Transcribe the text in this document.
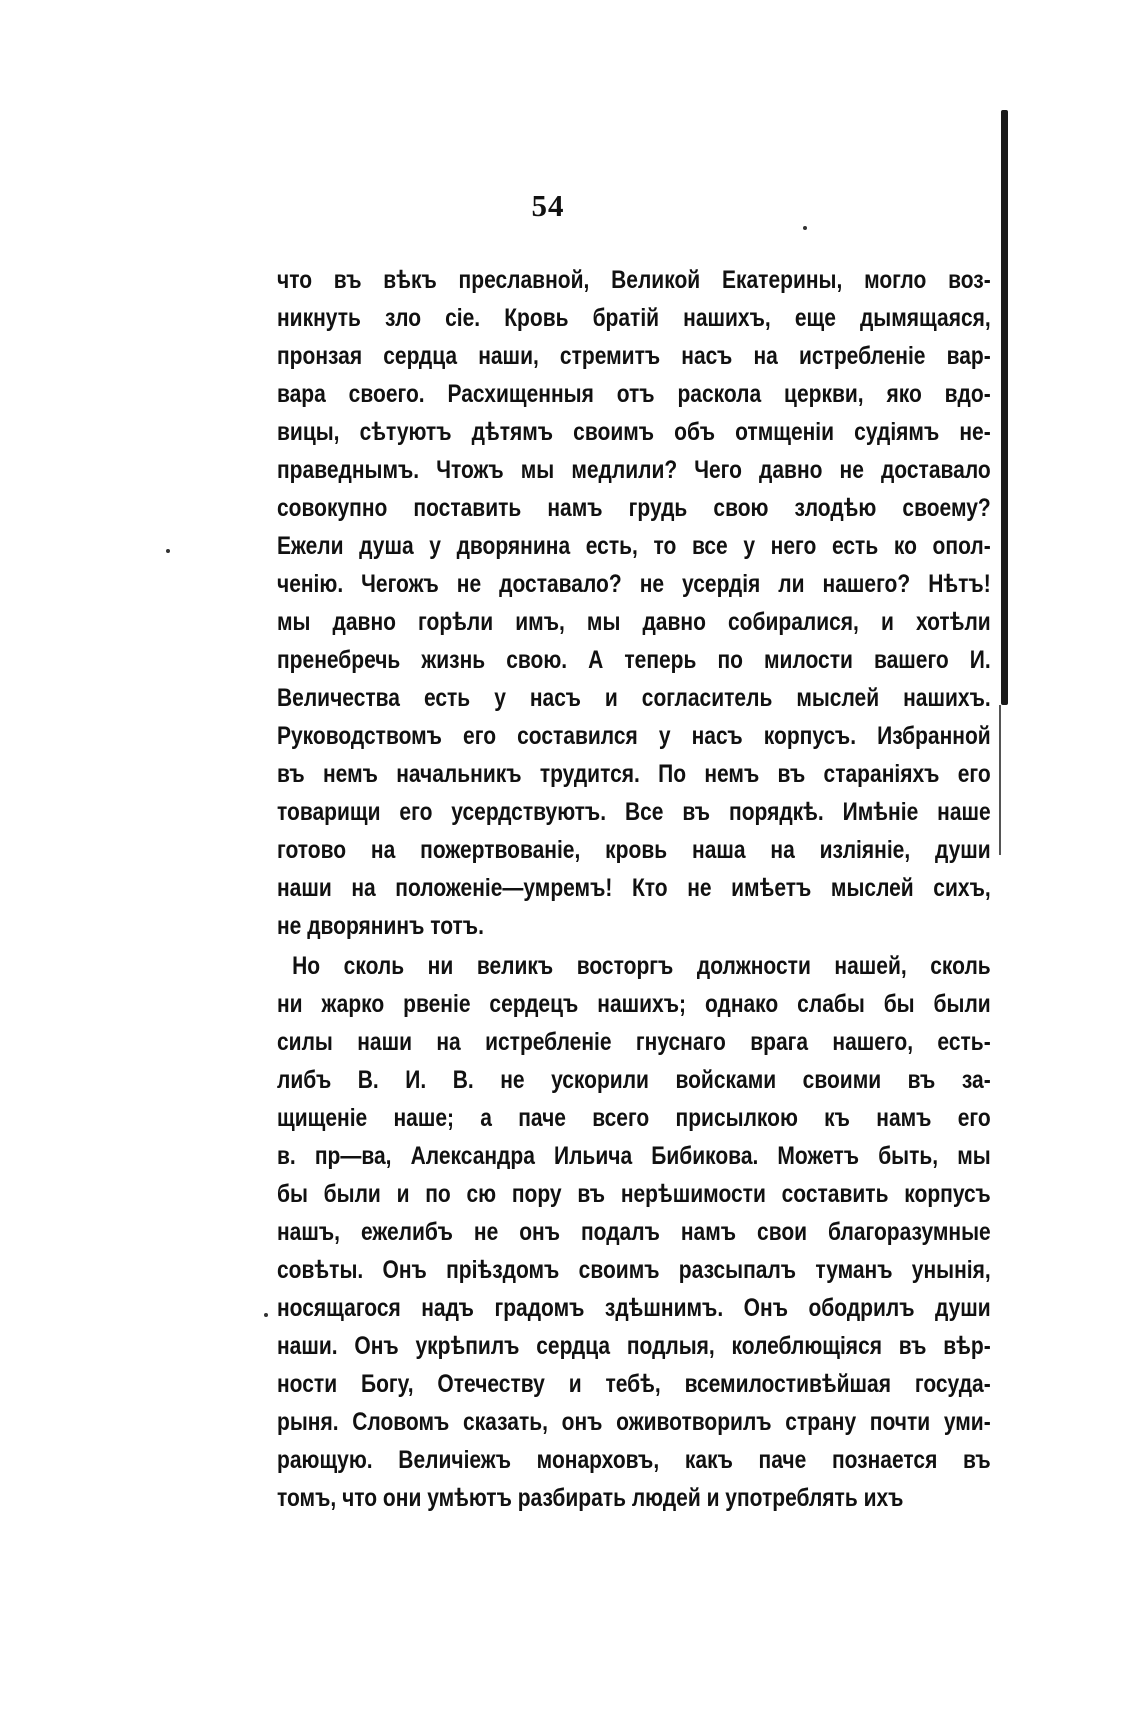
54
что въ вѣкъ преславной, Великой Екатерины, могло воз-
никнуть зло сіе. Кровь братій нашихъ, еще дымящаяся,
пронзая сердца наши, стремитъ насъ на истребленіе вар-
вара своего. Расхищенныя отъ раскола церкви, яко вдо-
вицы, сѣтуютъ дѣтямъ своимъ объ отмщеніи судіямъ не-
праведнымъ. Чтожъ мы медлили? Чего давно не доставало
совокупно поставить намъ грудь свою злодѣю своему?
Ежели душа у дворянина есть, то все у него есть ко опол-
ченію. Чегожъ не доставало? не усердія ли нашего? Нѣтъ!
мы давно горѣли имъ, мы давно собиралися, и хотѣли
пренебречь жизнь свою. А теперь по милости вашего И.
Величества есть у насъ и согласитель мыслей нашихъ.
Руководствомъ его составился у насъ корпусъ. Избранной
въ немъ начальникъ трудится. По немъ въ стараніяхъ его
товарищи его усердствуютъ. Все въ порядкѣ. Имѣніе наше
готово на пожертвованіе, кровь наша на изліяніе, души
наши на положеніе—умремъ! Кто не имѣетъ мыслей сихъ,
не дворянинъ тотъ.
Но сколь ни великъ восторгъ должности нашей, сколь
ни жарко рвеніе сердецъ нашихъ; однако слабы бы были
силы наши на истребленіе гнуснаго врага нашего, есть-
либъ В. И. В. не ускорили войсками своими въ за-
щищеніе наше; а паче всего присылкою къ намъ его
в. пр—ва, Александра Ильича Бибикова. Можетъ быть, мы
бы были и по сю пору въ нерѣшимости составить корпусъ
нашъ, ежелибъ не онъ подалъ намъ свои благоразумные
совѣты. Онъ пріѣздомъ своимъ разсыпалъ туманъ унынія,
носящагося надъ градомъ здѣшнимъ. Онъ ободрилъ души
наши. Онъ укрѣпилъ сердца подлыя, колеблющіяся въ вѣр-
ности Богу, Отечеству и тебѣ, всемилостивѣйшая госуда-
рыня. Словомъ сказать, онъ оживотворилъ страну почти уми-
рающую. Величіежъ монарховъ, какъ паче познается въ
томъ, что они умѣютъ разбирать людей и употреблять ихъ
